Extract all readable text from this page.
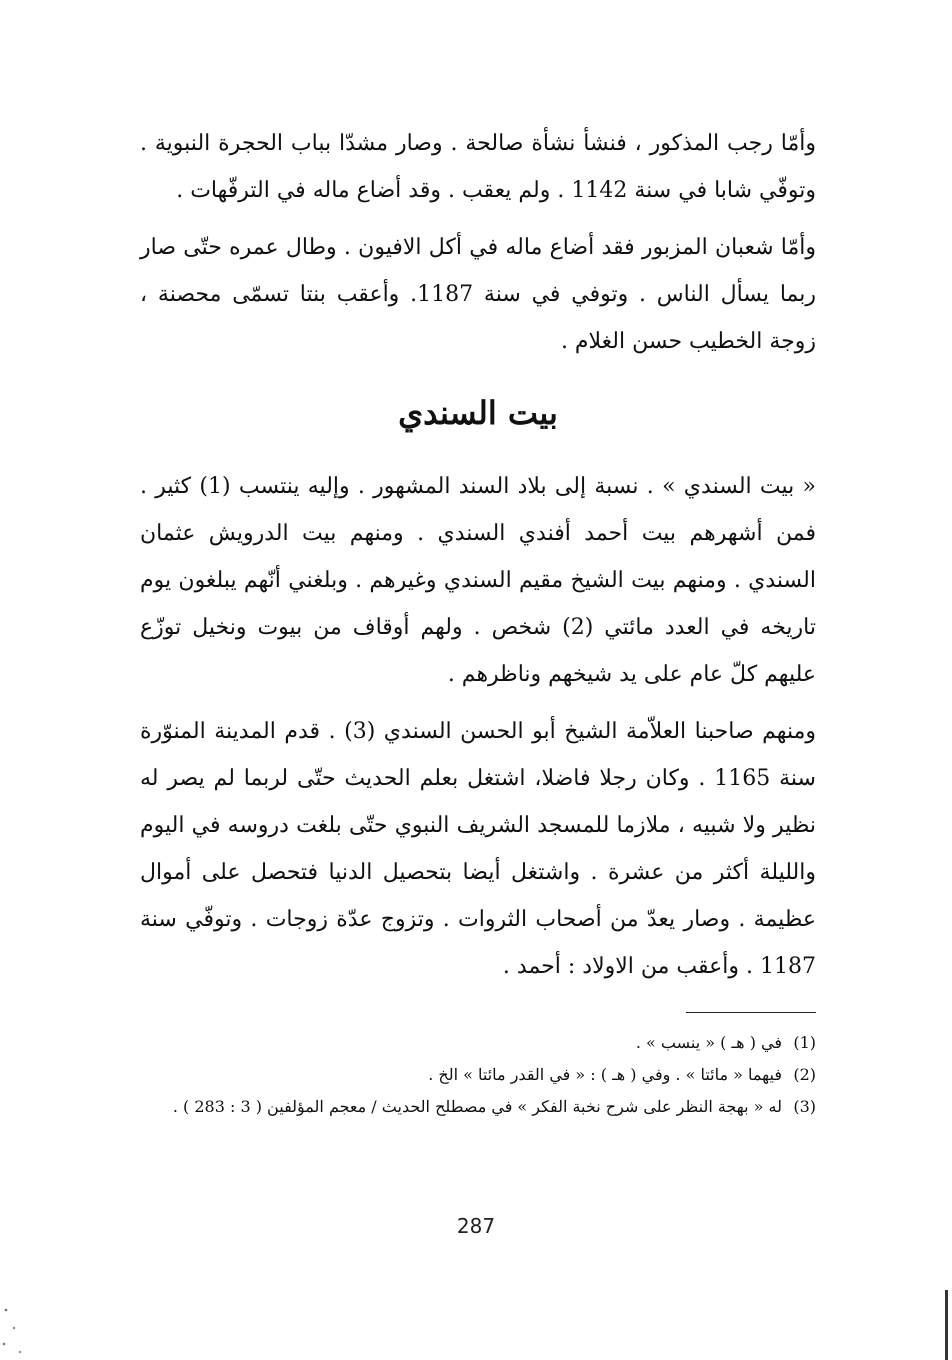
وأمّا رجب المذكور ، فنشأ نشأة صالحة . وصار مشدّا بباب الحجرة النبوية . وتوفّي شابا في سنة 1142 . ولم يعقب . وقد أضاع ماله في الترفّهات .

وأمّا شعبان المزبور فقد أضاع ماله في أكل الافيون . وطال عمره حتّى صار ربما يسأل الناس . وتوفي في سنة 1187. وأعقب بنتا تسمّى محصنة ، زوجة الخطيب حسن الغلام .

بيت السندي

« بيت السندي » . نسبة إلى بلاد السند المشهور . وإليه ينتسب (1) كثير . فمن أشهرهم بيت أحمد أفندي السندي . ومنهم بيت الدرويش عثمان السندي . ومنهم بيت الشيخ مقيم السندي وغيرهم . وبلغني أنّهم يبلغون يوم تاريخه في العدد مائتي (2) شخص . ولهم أوقاف من بيوت ونخيل توزّع عليهم كلّ عام على يد شيخهم وناظرهم .

ومنهم صاحبنا العلاّمة الشيخ أبو الحسن السندي (3) . قدم المدينة المنوّرة سنة 1165 . وكان رجلا فاضلا، اشتغل بعلم الحديث حتّى لربما لم يصر له نظير ولا شبيه ، ملازما للمسجد الشريف النبوي حتّى بلغت دروسه في اليوم والليلة أكثر من عشرة . واشتغل أيضا بتحصيل الدنيا فتحصل على أموال عظيمة . وصار يعدّ من أصحاب الثروات . وتزوج عدّة زوجات . وتوفّي سنة 1187 . وأعقب من الاولاد : أحمد .

(1)
في ( هـ ) « ينسب » .
(2)
فيهما « مائتا » . وفي ( هـ ) : « في القدر مائتا » الخ .
(3)
له « بهجة النظر على شرح نخبة الفكر » في مصطلح الحديث / معجم المؤلفين ( 3 : 283 ) .
287
